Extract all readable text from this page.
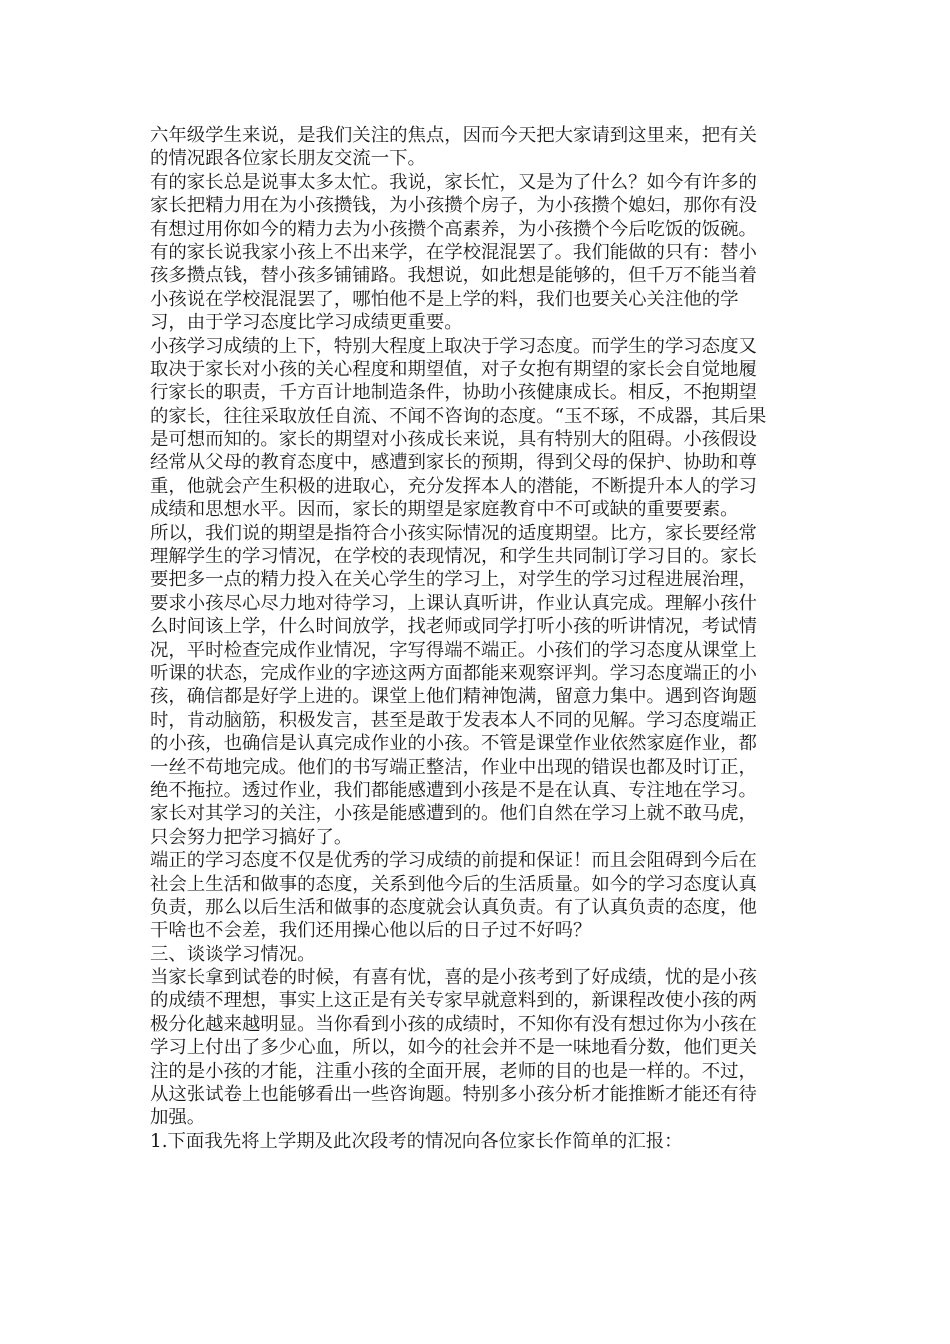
六年级学生来说，是我们关注的焦点，因而今天把大家请到这里来，把有关
的情况跟各位家长朋友交流一下。
有的家长总是说事太多太忙。我说，家长忙，又是为了什么？如今有许多的
家长把精力用在为小孩攒钱，为小孩攒个房子，为小孩攒个媳妇，那你有没
有想过用你如今的精力去为小孩攒个高素养，为小孩攒个今后吃饭的饭碗。
有的家长说我家小孩上不出来学，在学校混混罢了。我们能做的只有：替小
孩多攒点钱，替小孩多铺铺路。我想说，如此想是能够的，但千万不能当着
小孩说在学校混混罢了，哪怕他不是上学的料，我们也要关心关注他的学
习，由于学习态度比学习成绩更重要。
小孩学习成绩的上下，特别大程度上取决于学习态度。而学生的学习态度又
取决于家长对小孩的关心程度和期望值，对子女抱有期望的家长会自觉地履
行家长的职责，千方百计地制造条件，协助小孩健康成长。相反，不抱期望
的家长，往往采取放任自流、不闻不咨询的态度。“玉不琢，不成器，其后果
是可想而知的。家长的期望对小孩成长来说，具有特别大的阻碍。小孩假设
经常从父母的教育态度中，感遭到家长的预期，得到父母的保护、协助和尊
重，他就会产生积极的进取心，充分发挥本人的潜能，不断提升本人的学习
成绩和思想水平。因而，家长的期望是家庭教育中不可或缺的重要要素。
所以，我们说的期望是指符合小孩实际情况的适度期望。比方，家长要经常
理解学生的学习情况，在学校的表现情况，和学生共同制订学习目的。家长
要把多一点的精力投入在关心学生的学习上，对学生的学习过程进展治理，
要求小孩尽心尽力地对待学习，上课认真听讲，作业认真完成。理解小孩什
么时间该上学，什么时间放学，找老师或同学打听小孩的听讲情况，考试情
况，平时检查完成作业情况，字写得端不端正。小孩们的学习态度从课堂上
听课的状态，完成作业的字迹这两方面都能来观察评判。学习态度端正的小
孩，确信都是好学上进的。课堂上他们精神饱满，留意力集中。遇到咨询题
时，肯动脑筋，积极发言，甚至是敢于发表本人不同的见解。学习态度端正
的小孩，也确信是认真完成作业的小孩。不管是课堂作业依然家庭作业，都
一丝不苟地完成。他们的书写端正整洁，作业中出现的错误也都及时订正，
绝不拖拉。透过作业，我们都能感遭到小孩是不是在认真、专注地在学习。
家长对其学习的关注，小孩是能感遭到的。他们自然在学习上就不敢马虎，
只会努力把学习搞好了。
端正的学习态度不仅是优秀的学习成绩的前提和保证！而且会阻碍到今后在
社会上生活和做事的态度，关系到他今后的生活质量。如今的学习态度认真
负责，那么以后生活和做事的态度就会认真负责。有了认真负责的态度，他
干啥也不会差，我们还用操心他以后的日子过不好吗？
三、谈谈学习情况。
当家长拿到试卷的时候，有喜有忧，喜的是小孩考到了好成绩，忧的是小孩
的成绩不理想，事实上这正是有关专家早就意料到的，新课程改使小孩的两
极分化越来越明显。当你看到小孩的成绩时，不知你有没有想过你为小孩在
学习上付出了多少心血，所以，如今的社会并不是一味地看分数，他们更关
注的是小孩的才能，注重小孩的全面开展，老师的目的也是一样的。不过，
从这张试卷上也能够看出一些咨询题。特别多小孩分析才能推断才能还有待
加强。
1.下面我先将上学期及此次段考的情况向各位家长作简单的汇报：
